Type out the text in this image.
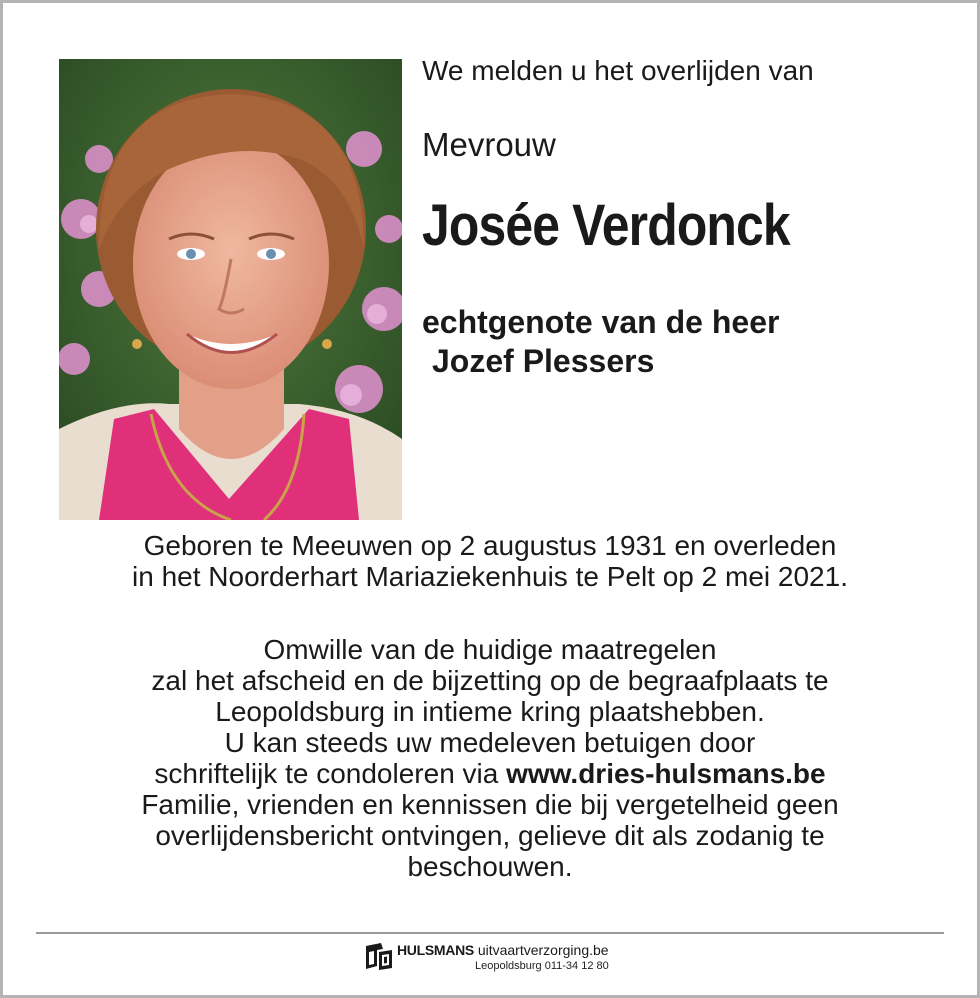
We melden u het overlijden van
Mevrouw
Josée Verdonck
echtgenote van de heer
Jozef Plessers
Geboren te Meeuwen op 2 augustus 1931 en overleden
in het Noorderhart Mariaziekenhuis te Pelt op 2 mei 2021.
Omwille van de huidige maatregelen
zal het afscheid en de bijzetting op de begraafplaats te
Leopoldsburg in intieme kring plaatshebben.
U kan steeds uw medeleven betuigen door
schriftelijk te condoleren via www.dries-hulsmans.be
Familie, vrienden en kennissen die bij vergetelheid geen
overlijdensbericht ontvingen, gelieve dit als zodanig te
beschouwen.
HULSMANS uitvaartverzorging.be
Leopoldsburg 011-34 12 80
